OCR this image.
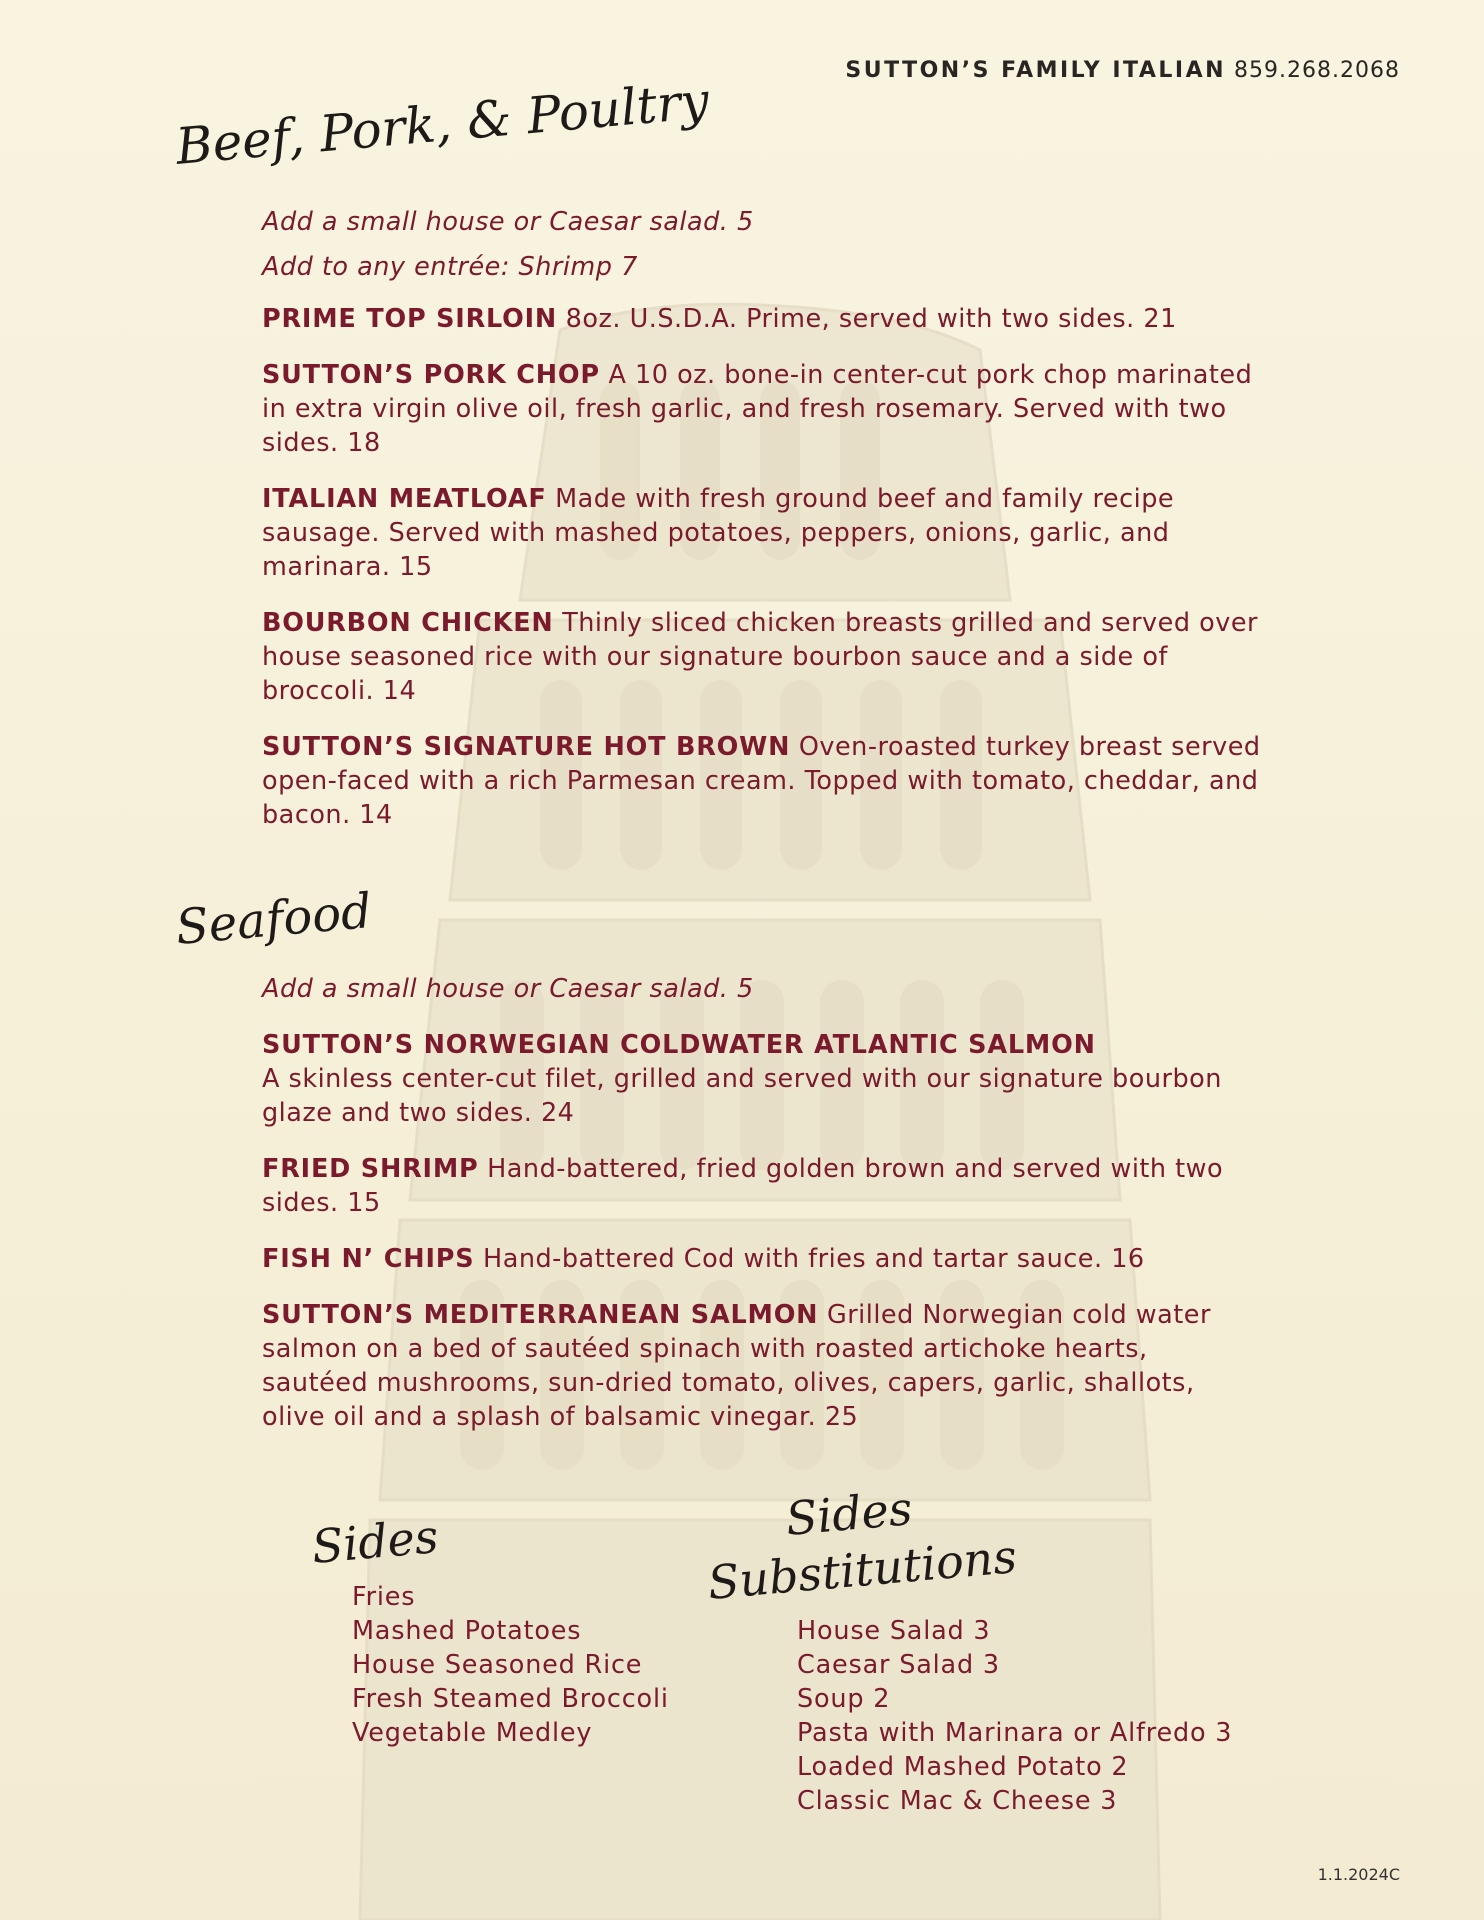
SUTTON’S FAMILY ITALIAN 859.268.2068
Beef, Pork, & Poultry
Add a small house or Caesar salad. 5
Add to any entrée: Shrimp 7
PRIME TOP SIRLOIN 8oz. U.S.D.A. Prime, served with two sides. 21
SUTTON’S PORK CHOP A 10 oz. bone-in center-cut pork chop marinated in extra virgin olive oil, fresh garlic, and fresh rosemary. Served with two sides. 18
ITALIAN MEATLOAF Made with fresh ground beef and family recipe sausage. Served with mashed potatoes, peppers, onions, garlic, and marinara. 15
BOURBON CHICKEN Thinly sliced chicken breasts grilled and served over house seasoned rice with our signature bourbon sauce and a side of broccoli. 14
SUTTON’S SIGNATURE HOT BROWN Oven-roasted turkey breast served open-faced with a rich Parmesan cream. Topped with tomato, cheddar, and bacon. 14
Seafood
Add a small house or Caesar salad. 5
SUTTON’S NORWEGIAN COLDWATER ATLANTIC SALMON
A skinless center-cut filet, grilled and served with our signature bourbon glaze and two sides. 24
FRIED SHRIMP Hand-battered, fried golden brown and served with two sides. 15
FISH N’ CHIPS Hand-battered Cod with fries and tartar sauce. 16
SUTTON’S MEDITERRANEAN SALMON Grilled Norwegian cold water salmon on a bed of sautéed spinach with roasted artichoke hearts, sautéed mushrooms, sun-dried tomato, olives, capers, garlic, shallots, olive oil and a splash of balsamic vinegar. 25
Sides
Fries
Mashed Potatoes
House Seasoned Rice
Fresh Steamed Broccoli
Vegetable Medley
Sides
Substitutions
House Salad 3
Caesar Salad 3
Soup 2
Pasta with Marinara or Alfredo 3
Loaded Mashed Potato 2
Classic Mac & Cheese 3
1.1.2024C
